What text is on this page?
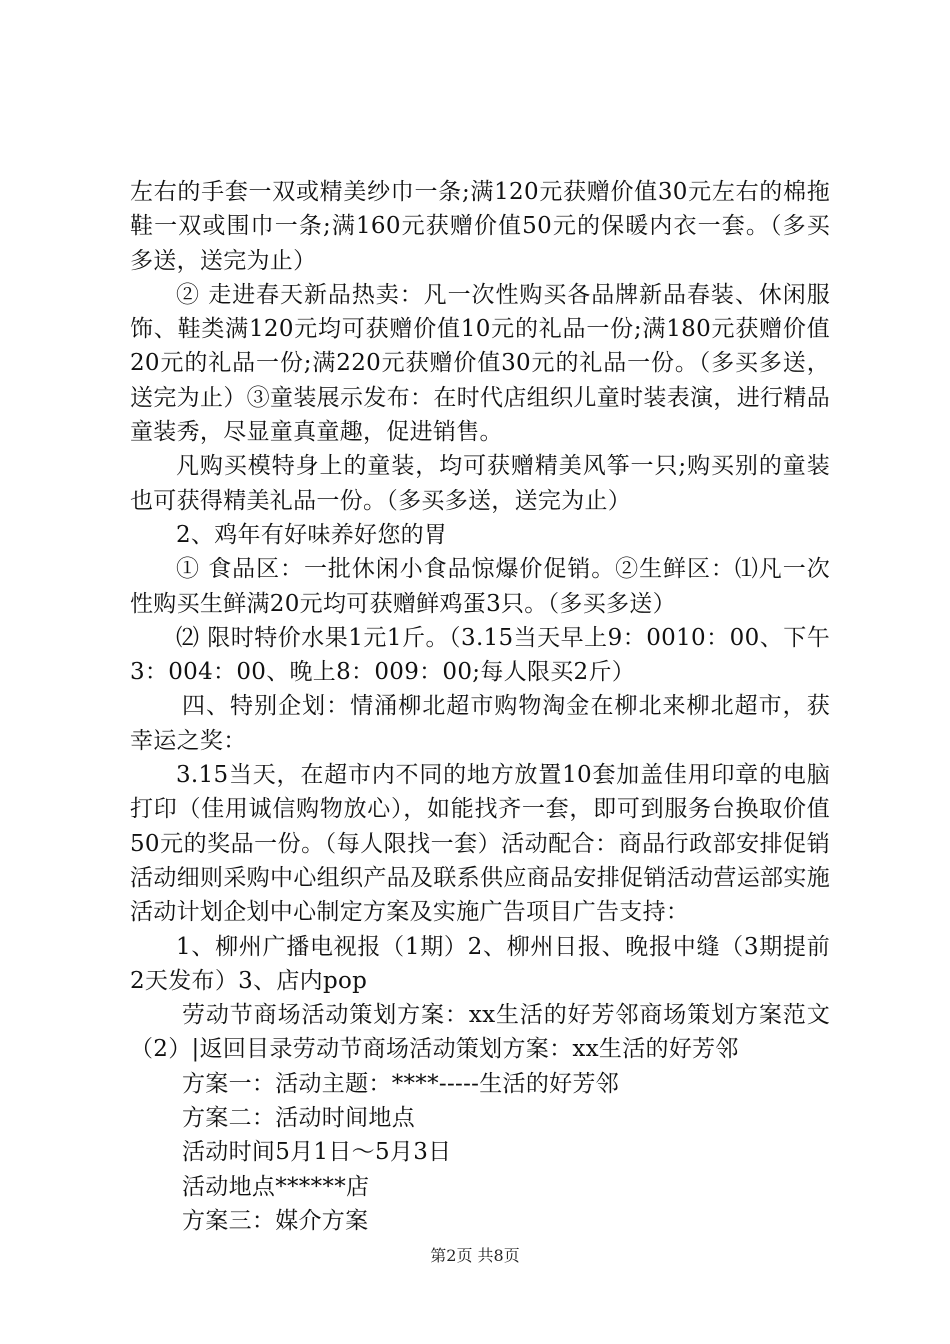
左右的手套一双或精美纱巾一条;满120元获赠价值30元左右的棉拖鞋一双或围巾一条;满160元获赠价值50元的保暖内衣一套。（多买多送，送完为止）

② 走进春天新品热卖：凡一次性购买各品牌新品春装、休闲服饰、鞋类满120元均可获赠价值10元的礼品一份;满180元获赠价值20元的礼品一份;满220元获赠价值30元的礼品一份。（多买多送，送完为止）③童装展示发布：在时代店组织儿童时装表演，进行精品童装秀，尽显童真童趣，促进销售。

凡购买模特身上的童装，均可获赠精美风筝一只;购买别的童装也可获得精美礼品一份。（多买多送，送完为止）

2、鸡年有好味养好您的胃

① 食品区：一批休闲小食品惊爆价促销。②生鲜区：⑴凡一次性购买生鲜满20元均可获赠鲜鸡蛋3只。（多买多送）

⑵ 限时特价水果1元1斤。（3.15当天早上9：0010：00、下午3：004：00、晚上8：009：00;每人限买2斤）

四、特别企划：情涌柳北超市购物淘金在柳北来柳北超市，获幸运之奖：

3.15当天，在超市内不同的地方放置10套加盖佳用印章的电脑打印（佳用诚信购物放心），如能找齐一套，即可到服务台换取价值50元的奖品一份。（每人限找一套）活动配合：商品行政部安排促销活动细则采购中心组织产品及联系供应商品安排促销活动营运部实施活动计划企划中心制定方案及实施广告项目广告支持：

1、柳州广播电视报（1期）2、柳州日报、晚报中缝（3期提前2天发布）3、店内pop

劳动节商场活动策划方案：xx生活的好芳邻商场策划方案范文（2）|返回目录劳动节商场活动策划方案：xx生活的好芳邻

方案一：活动主题：****-----生活的好芳邻

方案二：活动时间地点

活动时间5月1日～5月3日

活动地点******店

方案三：媒介方案

第2页 共8页
